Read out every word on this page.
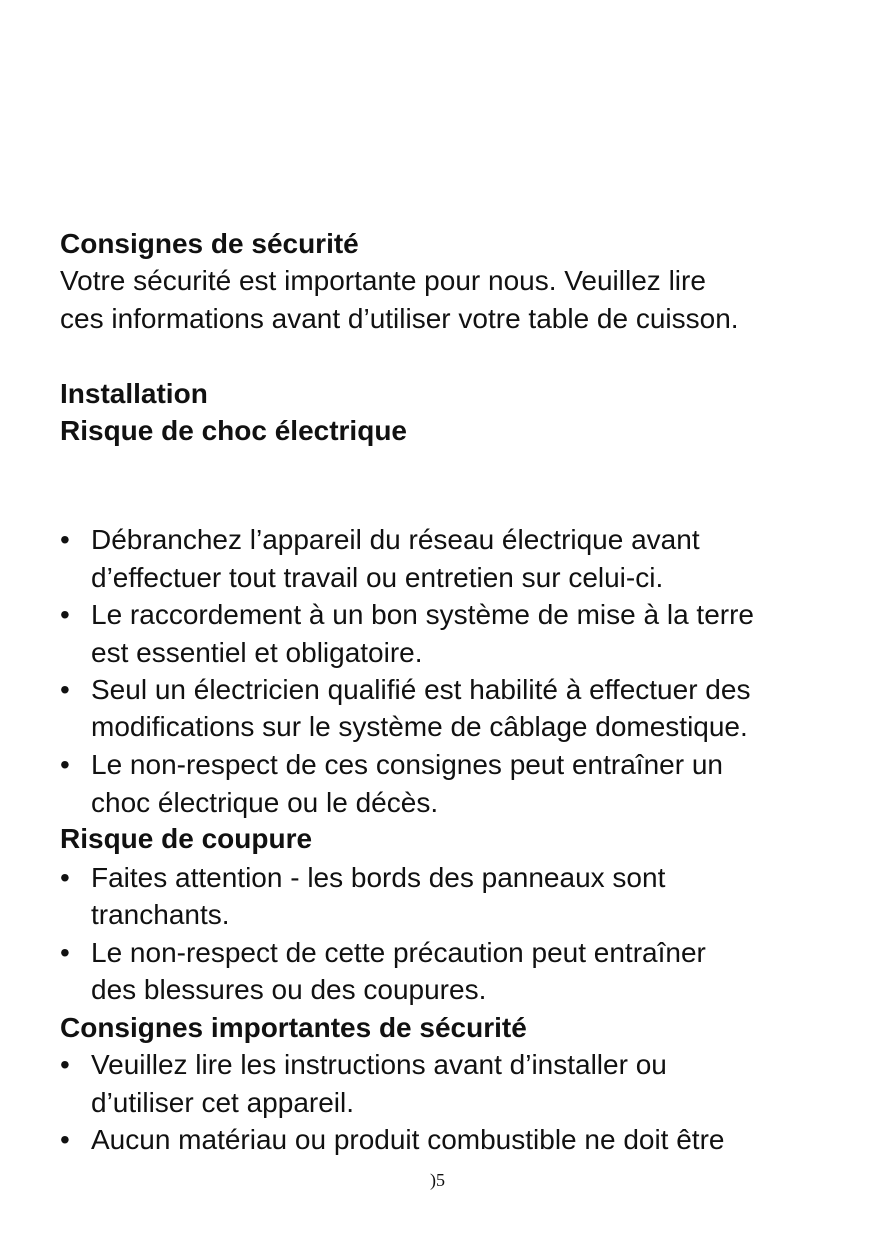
Consignes de sécurité
Votre sécurité est importante pour nous. Veuillez lire
ces informations avant d’utiliser votre table de cuisson.
Installation
Risque de choc électrique
• Débranchez l’appareil du réseau électrique avant
d’effectuer tout travail ou entretien sur celui-ci.
• Le raccordement à un bon système de mise à la terre
est essentiel et obligatoire.
• Seul un électricien qualifié est habilité à effectuer des
modifications sur le système de câblage domestique.
• Le non-respect de ces consignes peut entraîner un
choc électrique ou le décès.
Risque de coupure
• Faites attention - les bords des panneaux sont
tranchants.
• Le non-respect de cette précaution peut entraîner
des blessures ou des coupures.
Consignes importantes de sécurité
• Veuillez lire les instructions avant d’installer ou
d’utiliser cet appareil.
• Aucun matériau ou produit combustible ne doit être
)5
